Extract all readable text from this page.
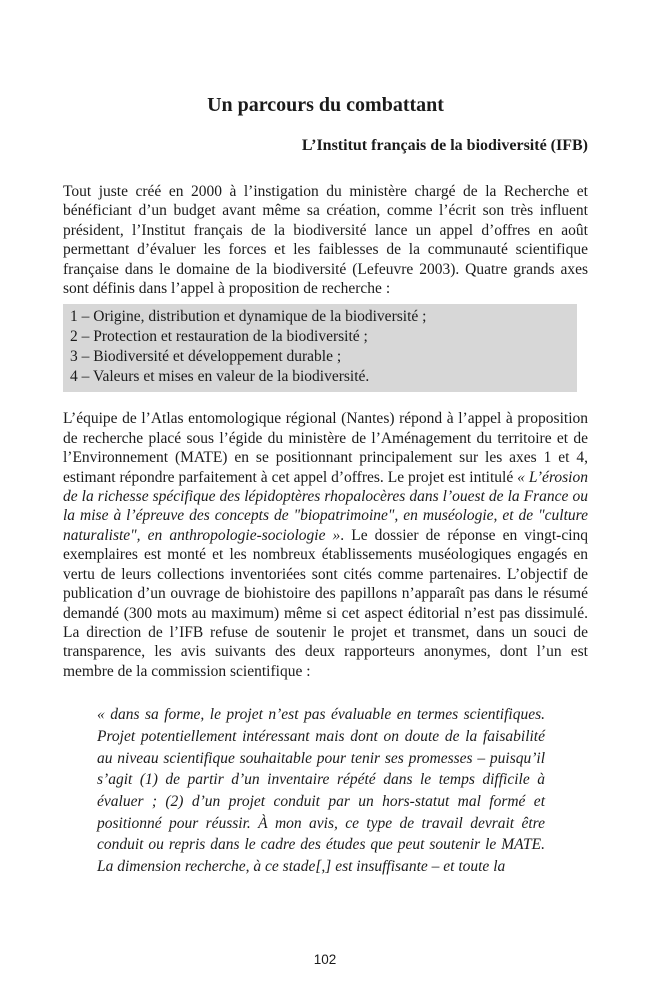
Un parcours du combattant
L’Institut français de la biodiversité (IFB)

Tout juste créé en 2000 à l’instigation du ministère chargé de la Recherche et bénéficiant d’un budget avant même sa création, comme l’écrit son très influent président, l’Institut français de la biodiversité lance un appel d’offres en août permettant d’évaluer les forces et les faiblesses de la communauté scientifique française dans le domaine de la biodiversité (Lefeuvre 2003). Quatre grands axes sont définis dans l’appel à proposition de recherche :

1 – Origine, distribution et dynamique de la biodiversité ;
2 – Protection et restauration de la biodiversité ;
3 – Biodiversité et développement durable ;
4 – Valeurs et mises en valeur de la biodiversité.

L’équipe de l’Atlas entomologique régional (Nantes) répond à l’appel à proposition de recherche placé sous l’égide du ministère de l’Aménagement du territoire et de l’Environnement (MATE) en se positionnant principalement sur les axes 1 et 4, estimant répondre parfaitement à cet appel d’offres. Le projet est intitulé « L’érosion de la richesse spécifique des lépidoptères rhopalocères dans l’ouest de la France ou la mise à l’épreuve des concepts de "biopatrimoine", en muséologie, et de "culture naturaliste", en anthropologie-sociologie ». Le dossier de réponse en vingt-cinq exemplaires est monté et les nombreux établissements muséologiques engagés en vertu de leurs collections inventoriées sont cités comme partenaires. L’objectif de publication d’un ouvrage de biohistoire des papillons n’apparaît pas dans le résumé demandé (300 mots au maximum) même si cet aspect éditorial n’est pas dissimulé. La direction de l’IFB refuse de soutenir le projet et transmet, dans un souci de transparence, les avis suivants des deux rapporteurs anonymes, dont l’un est membre de la commission scientifique :

« dans sa forme, le projet n’est pas évaluable en termes scientifiques. Projet potentiellement intéressant mais dont on doute de la faisabilité au niveau scientifique souhaitable pour tenir ses promesses – puisqu’il s’agit (1) de partir d’un inventaire répété dans le temps difficile à évaluer ; (2) d’un projet conduit par un hors-statut mal formé et positionné pour réussir. À mon avis, ce type de travail devrait être conduit ou repris dans le cadre des études que peut soutenir le MATE. La dimension recherche, à ce stade[,] est insuffisante – et toute la
102
